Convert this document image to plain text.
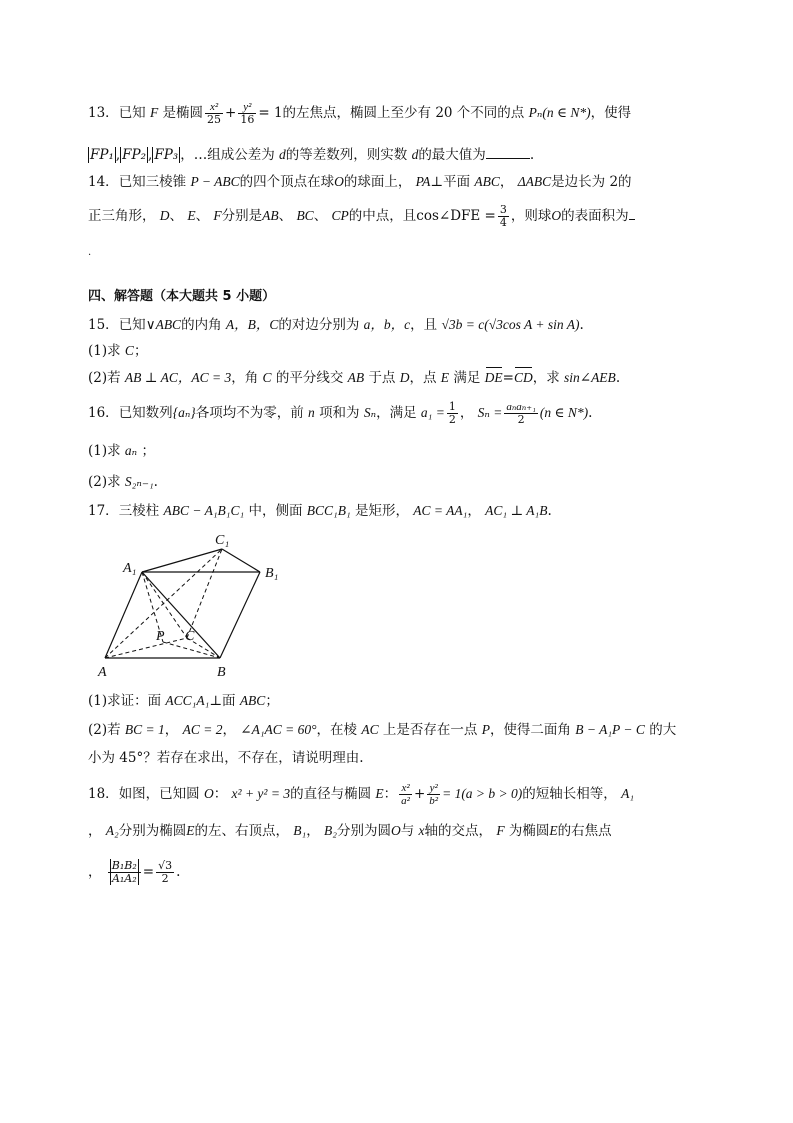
13．已知 F 是椭圆 $\frac{\text{x²}}{25} + \frac{\text{y²}}{16} = 1$的左焦点，椭圆上至少有 20 个不同的点 Pₙ(n ∈ N*)，使得
FP₁ , FP₂ , FP₃ ，…组成公差为 d的等差数列，则实数 d的最大值为	.
14．已知三棱锥 P − ABC的四个顶点在球O的球面上， PA⊥平面 ABC， ΔABC是边长为 2的
正三角形， D、 E、 F分别是AB、 BC、 CP的中点，且cos∠DFE = $\frac{3}{4}$ ，则球O的表面积为
.
四、解答题（本大题共 5 小题）
15．已知∨ABC的内角 A，B，C的对边分别为 a，b，c，且 √3b = c(√3cos A + sin A).
(1)求 C；
(2)若 AB ⊥ AC，AC = 3，角 C 的平分线交 AB 于点 D，点 E 满足 DE=CD，求 sin∠AEB.
16．已知数列{aₙ}各项均不为零，前 n 项和为 Sₙ，满足 $a_1 = \frac{1}{2}$ ， $S_n = \frac{\text{aₙaₙ₊₁}}{2} (n$ ∈ N*).
(1)求 aₙ ；
(2)求 S₂ₙ₋₁.
17．三棱柱 ABC − A₁B₁C₁ 中，侧面 BCC₁B₁ 是矩形， AC = AA₁， AC₁ ⊥ A₁B.
C₁
A₁	B₁
P C
A	B
(1)求证：面 ACC₁A₁⊥面 ABC；
(2)若 BC = 1， AC = 2， ∠A₁AC = 60°，在棱 AC 上是否存在一点 P，使得二面角 B − A₁P − C 的大
小为 45°？若存在求出，不存在，请说明理由.
18．如图，已知圆 O： x² + y² = 3的直径与椭圆 E： $\frac{\text{x²}}{\text{a²}} + \frac{\text{y²}}{\text{b²}} = 1(a > b > 0)$的短轴长相等， A₁
， A₂分别为椭圆E的左、右顶点， B₁， B₂分别为圆O与 x轴的交点， F 为椭圆E的右焦点
， $\frac{\text{B₁B₂}}{\text{A₁A₂}} = \frac{√3}{2}$ .
